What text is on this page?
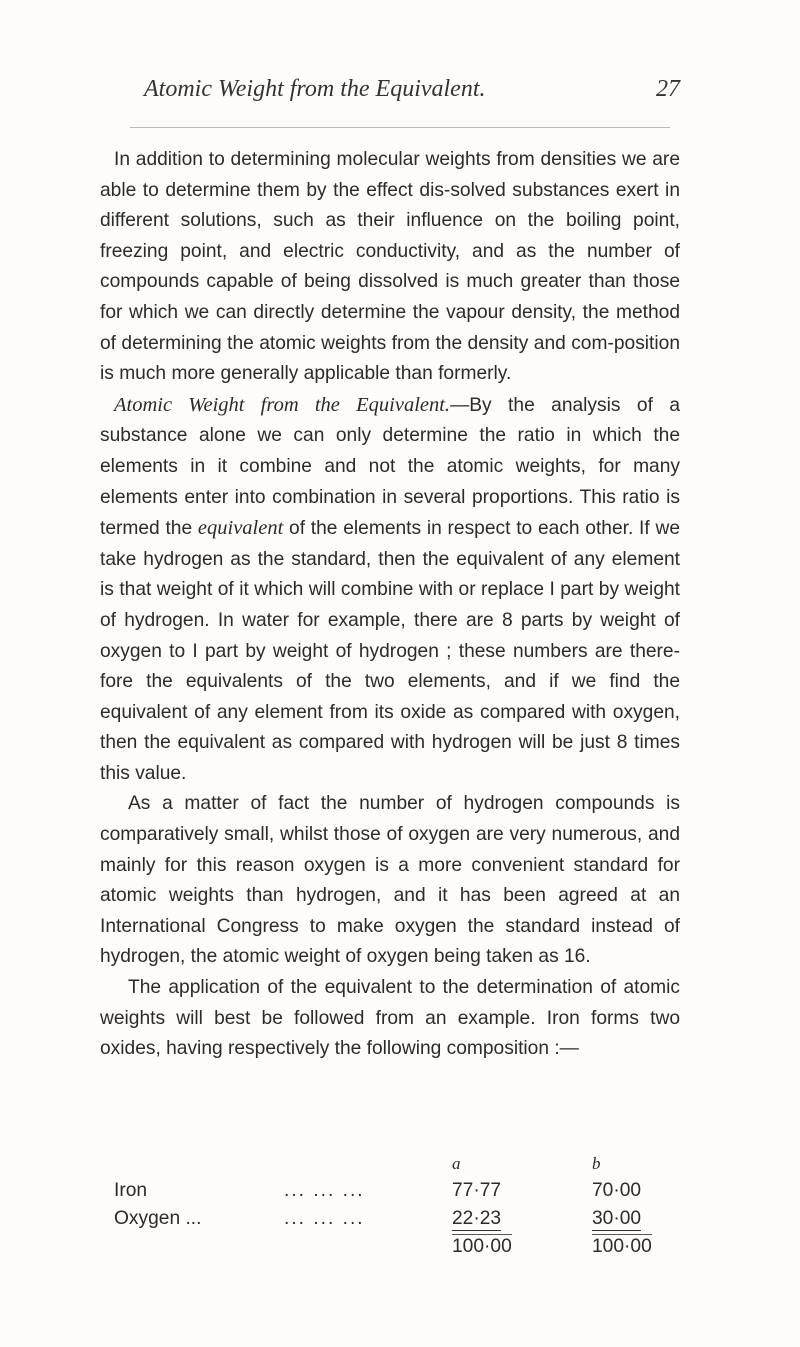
Atomic Weight from the Equivalent.	27

In addition to determining molecular weights from densities we are able to determine them by the effect dis-solved substances exert in different solutions, such as their influence on the boiling point, freezing point, and electric conductivity, and as the number of compounds capable of being dissolved is much greater than those for which we can directly determine the vapour density, the method of determining the atomic weights from the density and com-position is much more generally applicable than formerly.

Atomic Weight from the Equivalent.—By the analysis of a substance alone we can only determine the ratio in which the elements in it combine and not the atomic weights, for many elements enter into combination in several proportions. This ratio is termed the equivalent of the elements in respect to each other. If we take hydrogen as the standard, then the equivalent of any element is that weight of it which will combine with or replace I part by weight of hydrogen. In water for example, there are 8 parts by weight of oxygen to I part by weight of hydrogen ; these numbers are there-fore the equivalents of the two elements, and if we find the equivalent of any element from its oxide as compared with oxygen, then the equivalent as compared with hydrogen will be just 8 times this value.

As a matter of fact the number of hydrogen compounds is comparatively small, whilst those of oxygen are very numerous, and mainly for this reason oxygen is a more convenient standard for atomic weights than hydrogen, and it has been agreed at an International Congress to make oxygen the standard instead of hydrogen, the atomic weight of oxygen being taken as 16.

The application of the equivalent to the determination of atomic weights will best be followed from an example. Iron forms two oxides, having respectively the following composition :—

		a	b
Iron	... ... ...	77·77	70·00
Oxygen ...	... ... ...	22·23	30·00
		100·00	100·00
